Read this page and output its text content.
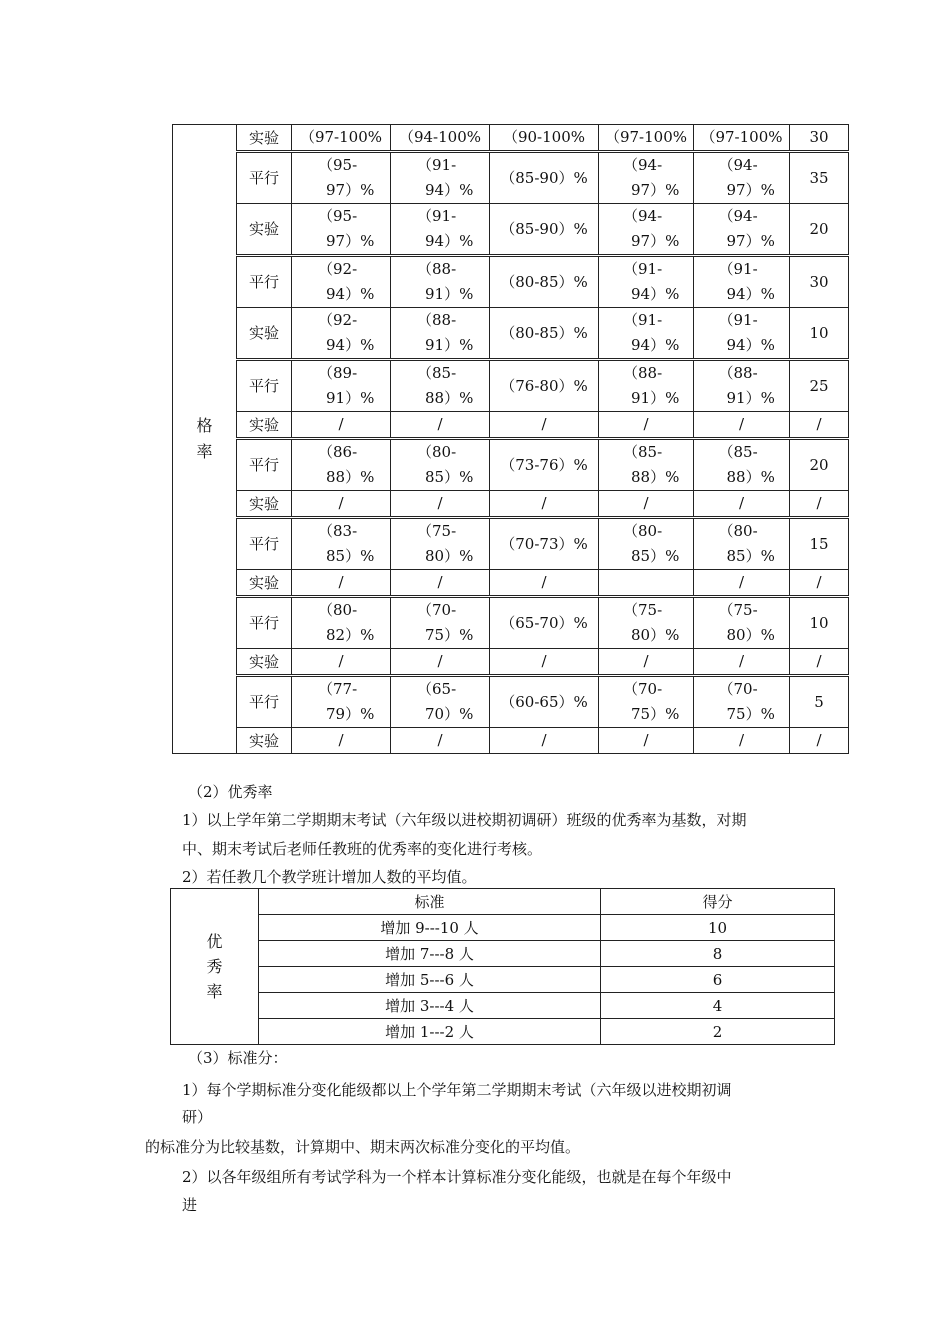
格
率	实验	（97-100%	（94-100%	（90-100%	（97-100%	（97-100%	30
	平行	（95-
97）%	（91-
94）%	（85-90）%	（94-
97）%	（94-
97）%	35
	实验	（95-
97）%	（91-
94）%	（85-90）%	（94-
97）%	（94-
97）%	20
	平行	（92-
94）%	（88-
91）%	（80-85）%	（91-
94）%	（91-
94）%	30
	实验	（92-
94）%	（88-
91）%	（80-85）%	（91-
94）%	（91-
94）%	10
	平行	（89-
91）%	（85-
88）%	（76-80）%	（88-
91）%	（88-
91）%	25
	实验	/	/	/	/	/	/
	平行	（86-
88）%	（80-
85）%	（73-76）%	（85-
88）%	（85-
88）%	20
	实验	/	/	/	/	/	/
	平行	（83-
85）%	（75-
80）%	（70-73）%	（80-
85）%	（80-
85）%	15
	实验	/	/	/		/	/
	平行	（80-
82）%	（70-
75）%	（65-70）%	（75-
80）%	（75-
80）%	10
	实验	/	/	/	/	/	/
	平行	（77-
79）%	（65-
70）%	（60-65）%	（70-
75）%	（70-
75）%	5
	实验	/	/	/	/	/	/
（2）优秀率
1）以上学年第二学期期末考试（六年级以进校期初调研）班级的优秀率为基数，对期
中、期末考试后老师任教班的优秀率的变化进行考核。
2）若任教几个教学班计增加人数的平均值。
优
秀
率	标准	得分
	增加 9---10 人	10
	增加 7---8 人	8
	增加 5---6 人	6
	增加 3---4 人	4
	增加 1---2 人	2
（3）标准分：
1）每个学期标准分变化能级都以上个学年第二学期期末考试（六年级以进校期初调
研）
的标准分为比较基数，计算期中、期末两次标准分变化的平均值。
2）以各年级组所有考试学科为一个样本计算标准分变化能级，也就是在每个年级中
进
